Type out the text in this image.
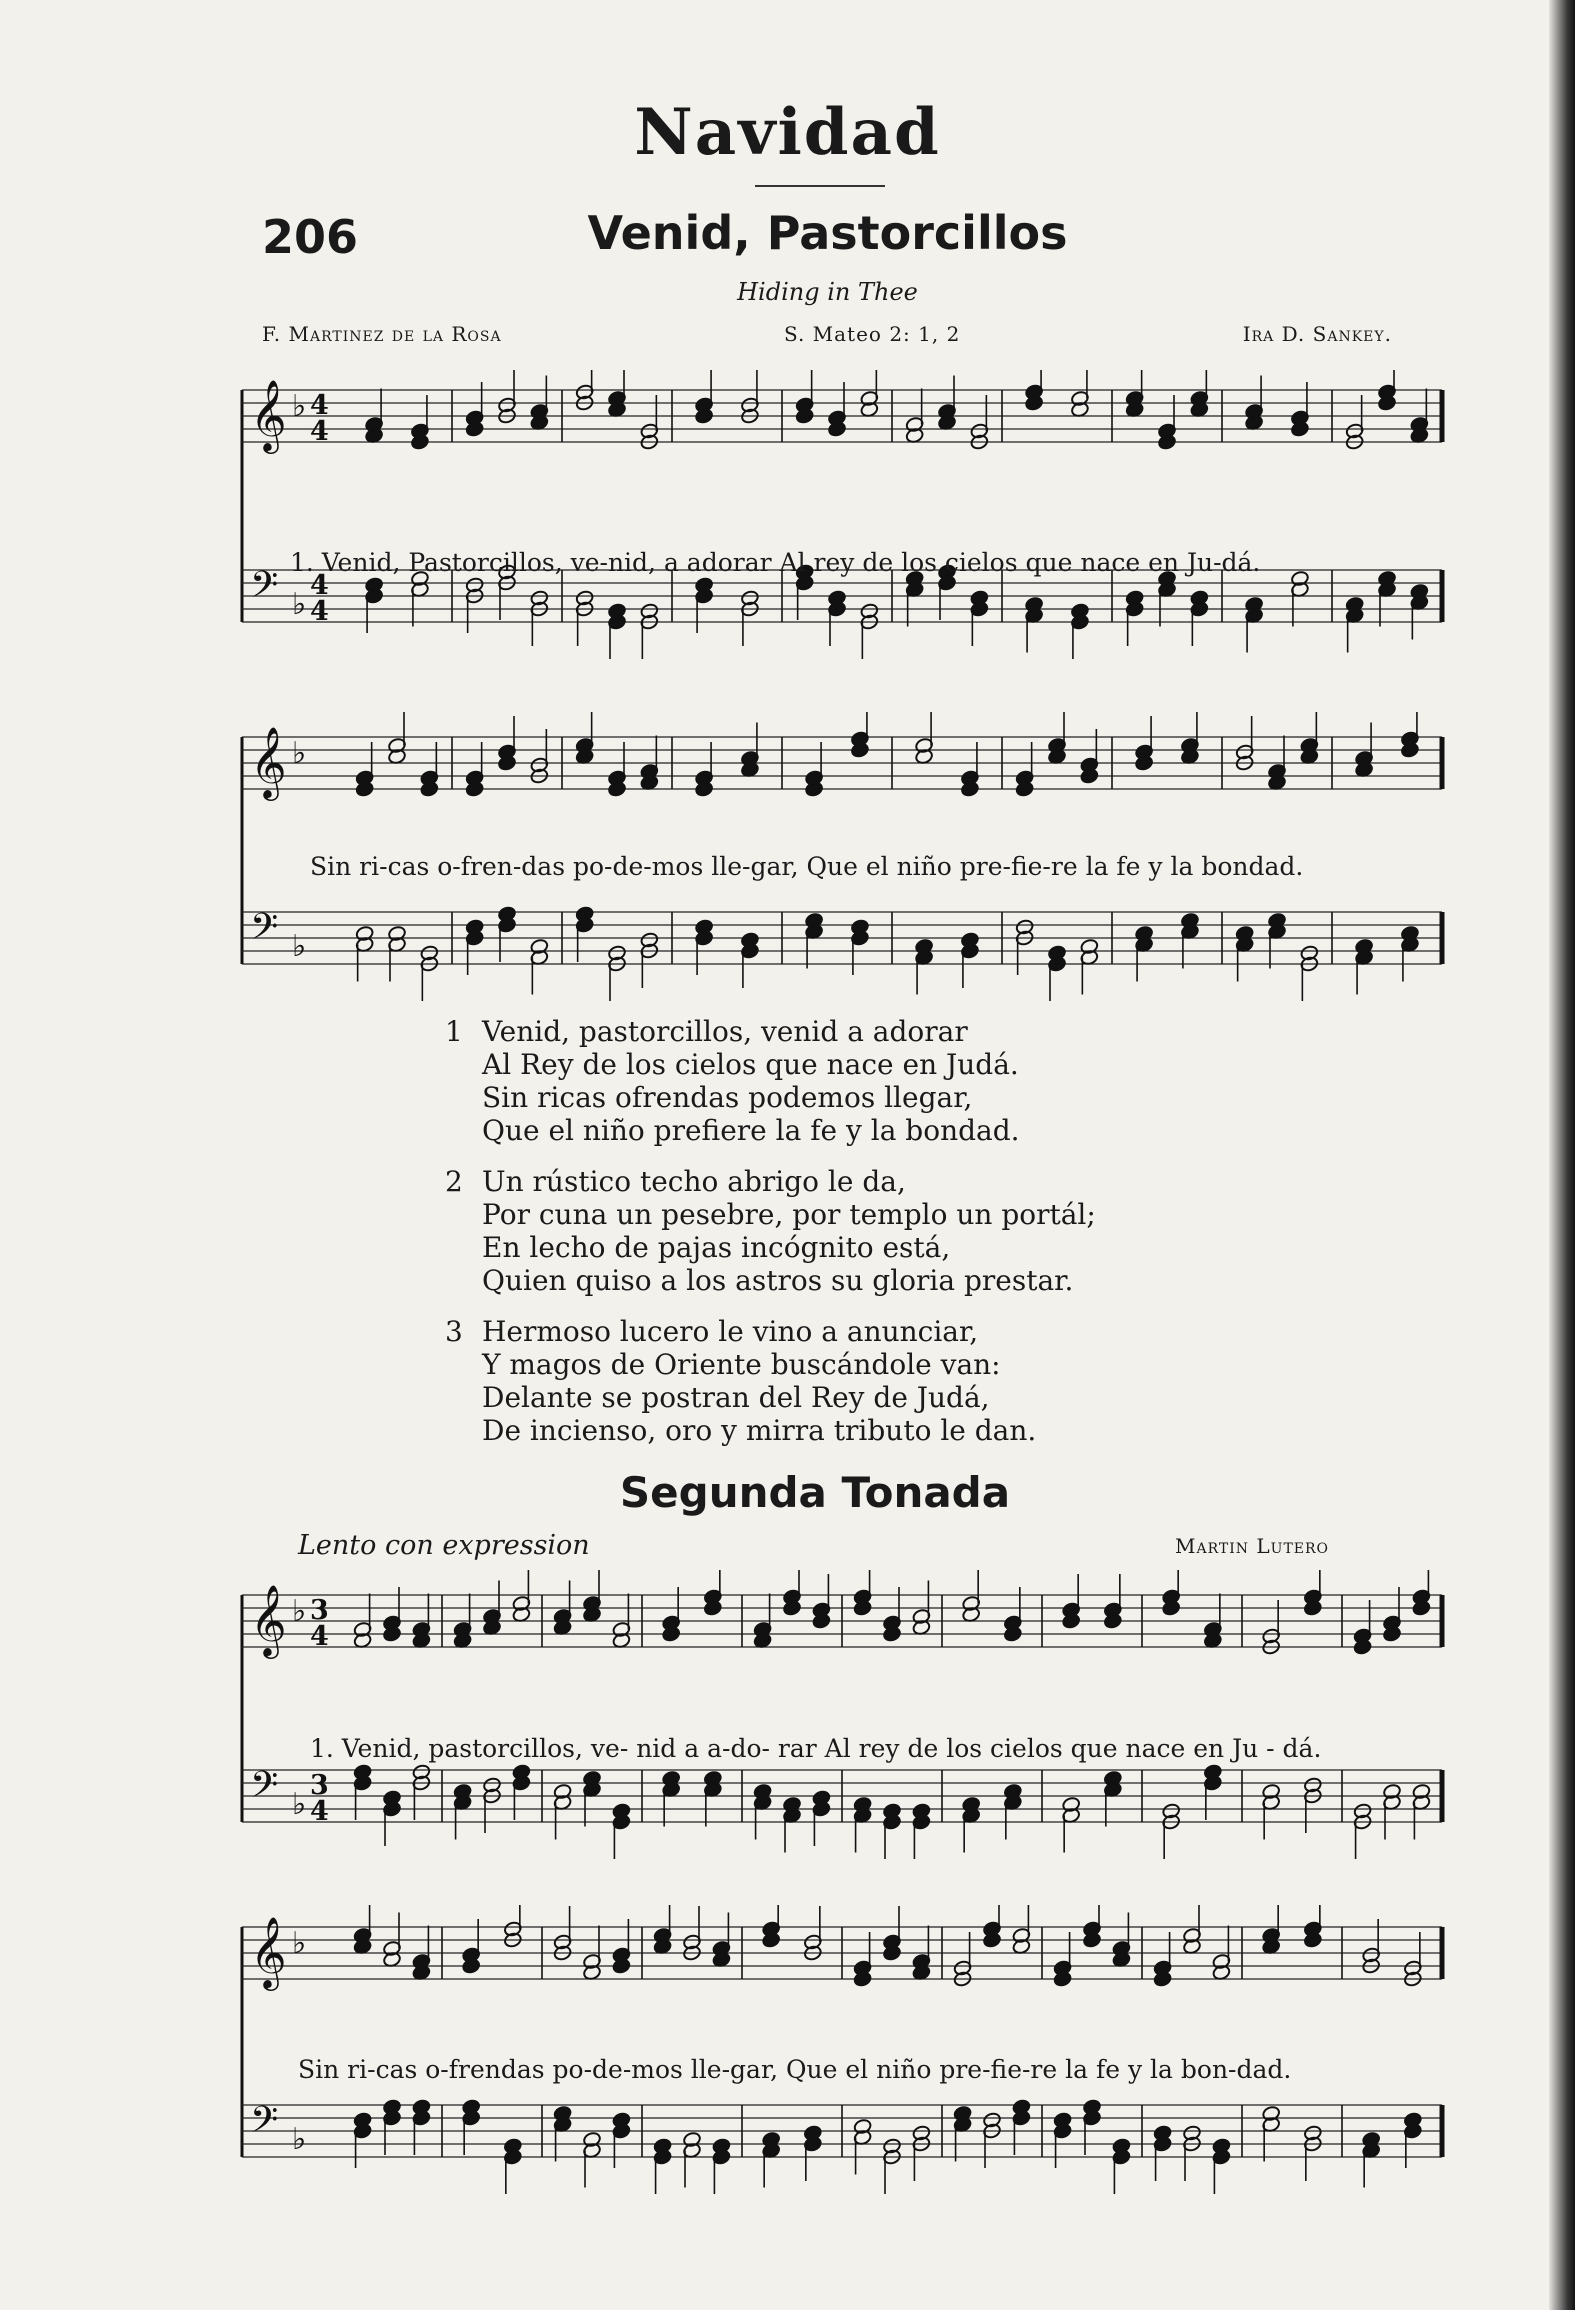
Navidad
206	Venid, Pastorcillos
Hiding in Thee
F. Martinez de la Rosa	S. Mateo 2: 1, 2	Ira D. Sankey.
𝄞 ♭ 4
4
𝄢 ♭
4
4
1. Venid, Pastorcillos, ve-nid, a adorar Al rey de los cielos que nace en Ju-dá.
𝄞 ♭
𝄢 ♭
Sin ri-cas o-fren-das po-de-mos lle-gar, Que el niño pre-fie-re la fe y la bondad.
1 Venid, pastorcillos, venid a adorar
Al Rey de los cielos que nace en Judá.
Sin ricas ofrendas podemos llegar,
Que el niño prefiere la fe y la bondad.
2 Un rústico techo abrigo le da,
Por cuna un pesebre, por templo un portál;
En lecho de pajas incógnito está,
Quien quiso a los astros su gloria prestar.
3 Hermoso lucero le vino a anunciar,
Y magos de Oriente buscándole van:
Delante se postran del Rey de Judá,
De incienso, oro y mirra tributo le dan.
Segunda Tonada
Lento con expression	Martin Lutero
𝄞 ♭ 3
4
𝄢 ♭
3
4
1. Venid, pastorcillos, ve- nid a a-do- rar Al rey de los cielos que nace en Ju - dá.
𝄞 ♭
𝄢 ♭
Sin ri-cas o-frendas po-de-mos lle-gar, Que el niño pre-fie-re la fe y la bon-dad.
